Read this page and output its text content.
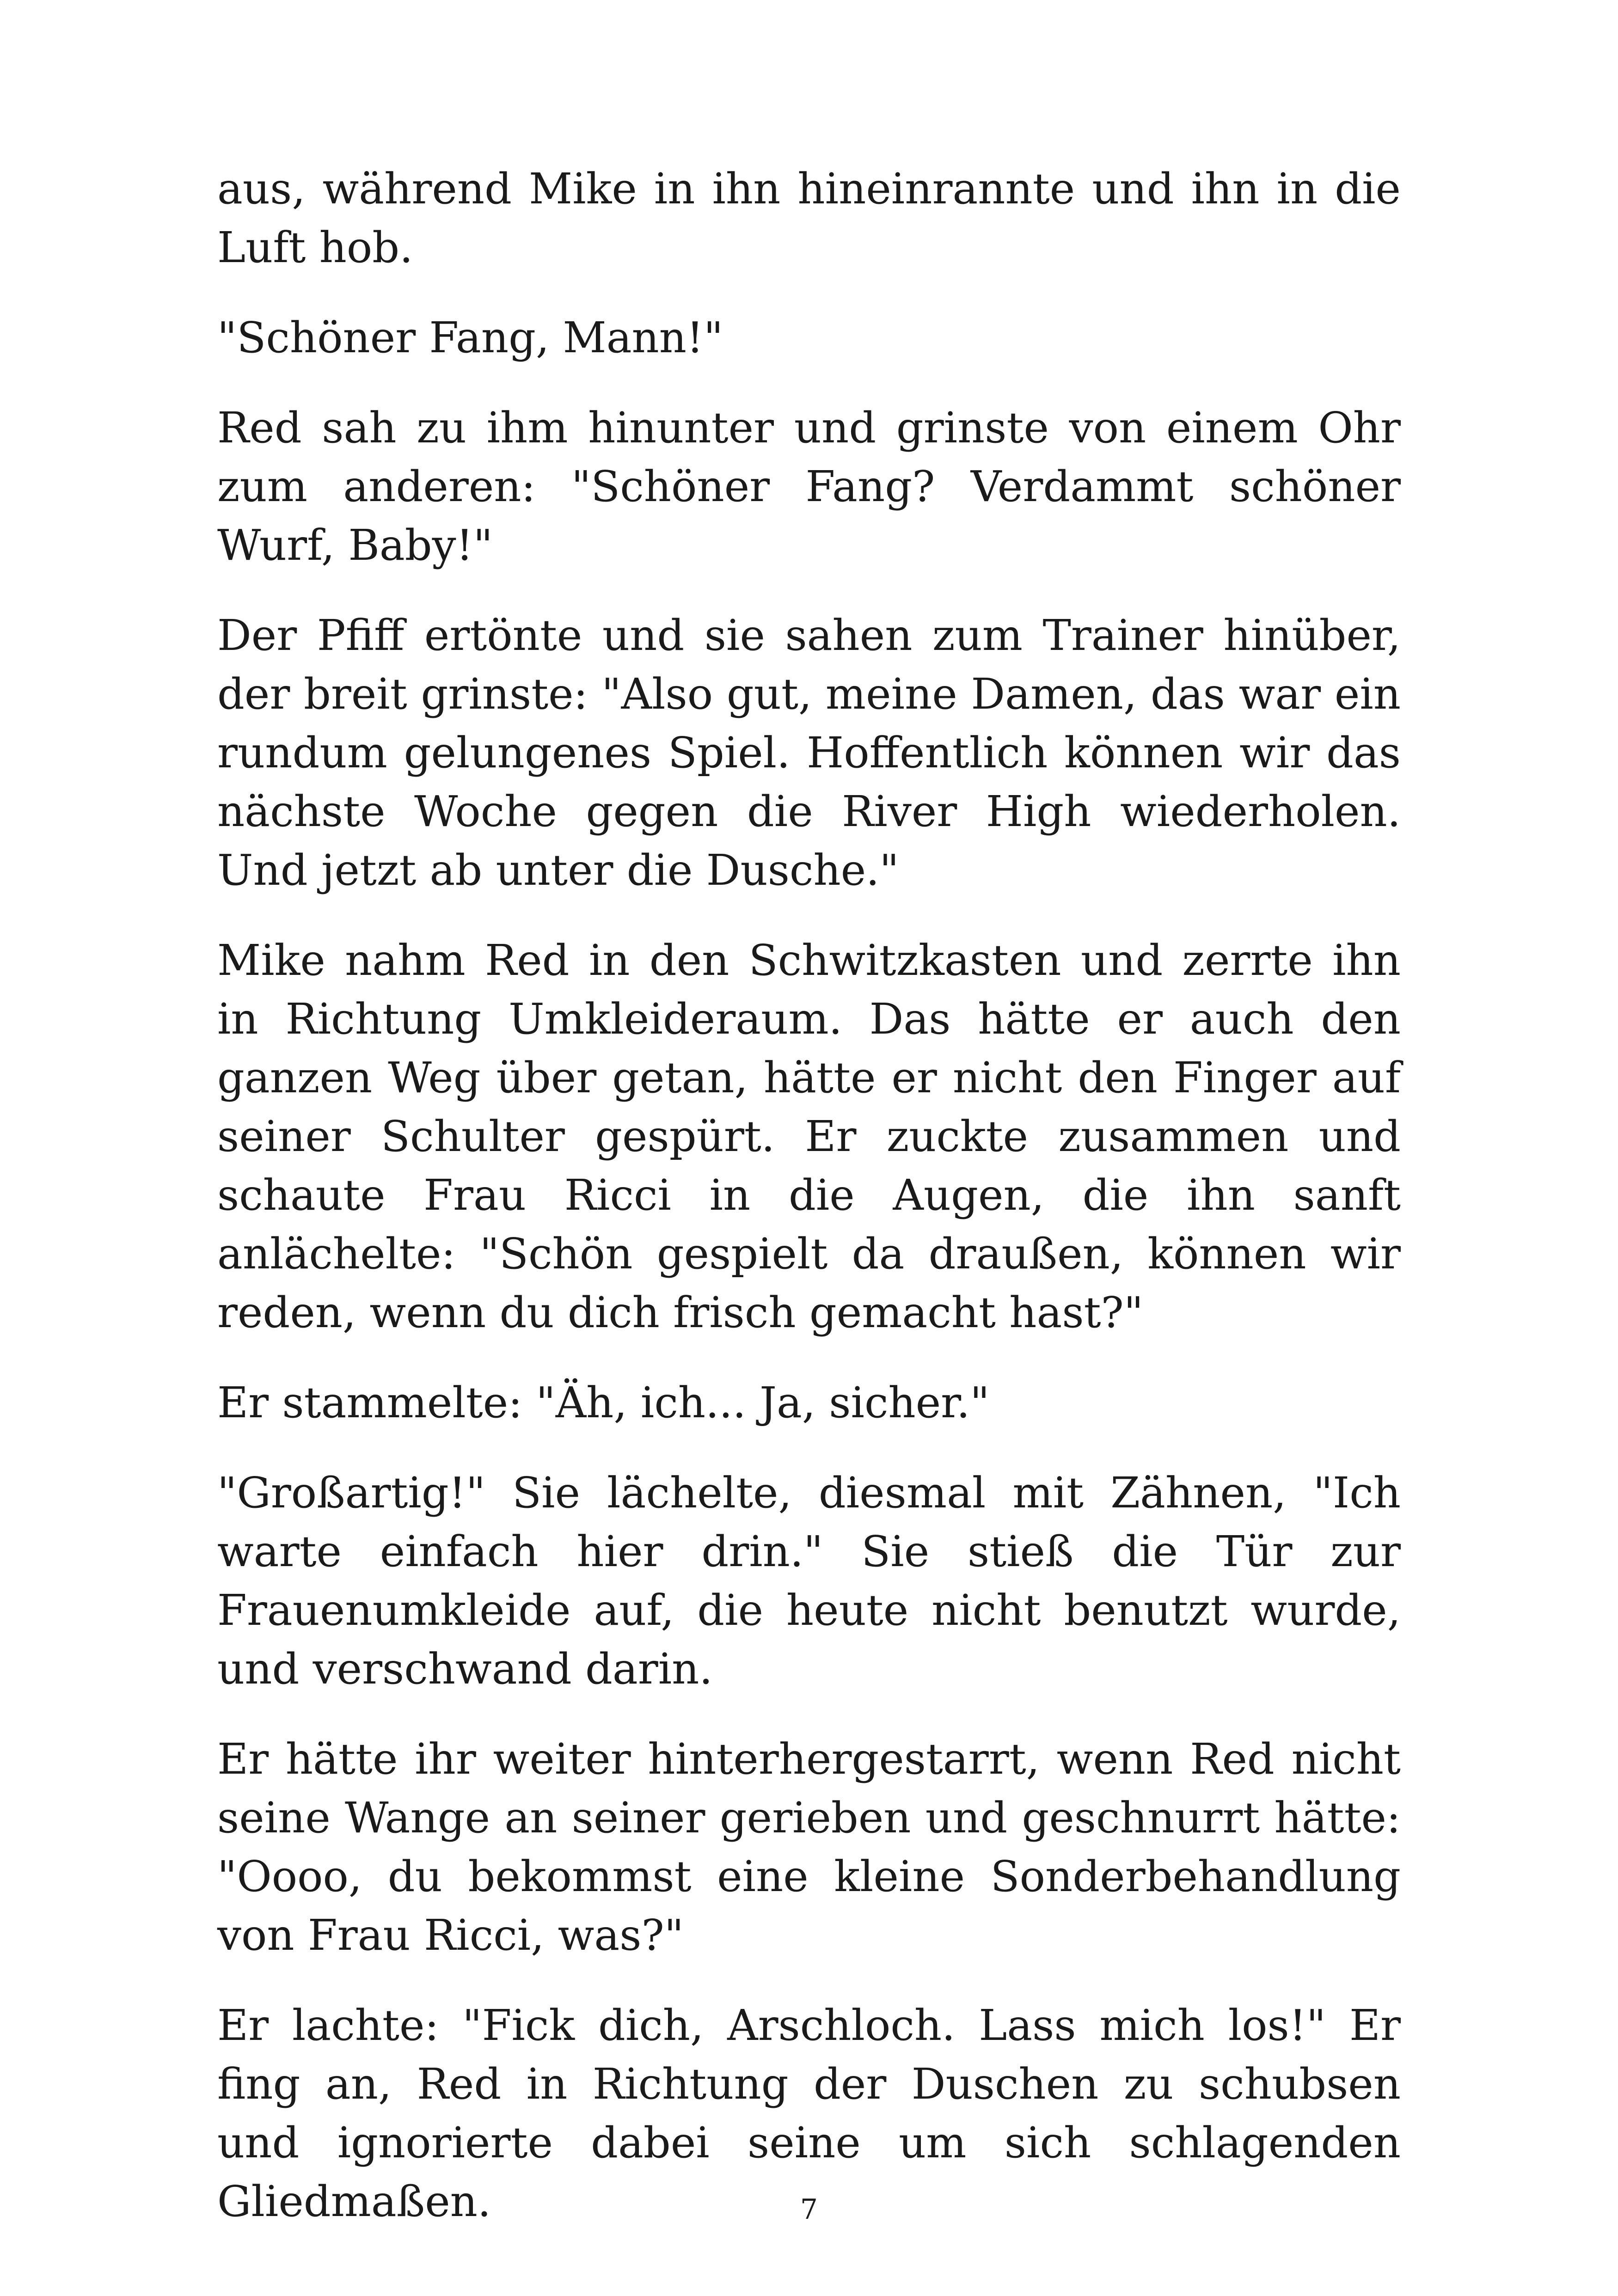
aus, während Mike in ihn hineinrannte und ihn in die Luft hob.

"Schöner Fang, Mann!"

Red sah zu ihm hinunter und grinste von einem Ohr zum anderen: "Schöner Fang? Verdammt schöner Wurf, Baby!"

Der Pfiff ertönte und sie sahen zum Trainer hinüber, der breit grinste: "Also gut, meine Damen, das war ein rundum gelungenes Spiel. Hoffentlich können wir das nächste Woche gegen die River High wiederholen. Und jetzt ab unter die Dusche."

Mike nahm Red in den Schwitzkasten und zerrte ihn in Richtung Umkleideraum. Das hätte er auch den ganzen Weg über getan, hätte er nicht den Finger auf seiner Schulter gespürt. Er zuckte zusammen und schaute Frau Ricci in die Augen, die ihn sanft anlächelte: "Schön gespielt da draußen, können wir reden, wenn du dich frisch gemacht hast?"

Er stammelte: "Äh, ich... Ja, sicher."

"Großartig!" Sie lächelte, diesmal mit Zähnen, "Ich warte einfach hier drin." Sie stieß die Tür zur Frauenumkleide auf, die heute nicht benutzt wurde, und verschwand darin.

Er hätte ihr weiter hinterhergestarrt, wenn Red nicht seine Wange an seiner gerieben und geschnurrt hätte: "Oooo, du bekommst eine kleine Sonderbehandlung von Frau Ricci, was?"

Er lachte: "Fick dich, Arschloch. Lass mich los!" Er fing an, Red in Richtung der Duschen zu schubsen und ignorierte dabei seine um sich schlagenden Gliedmaßen.	7
